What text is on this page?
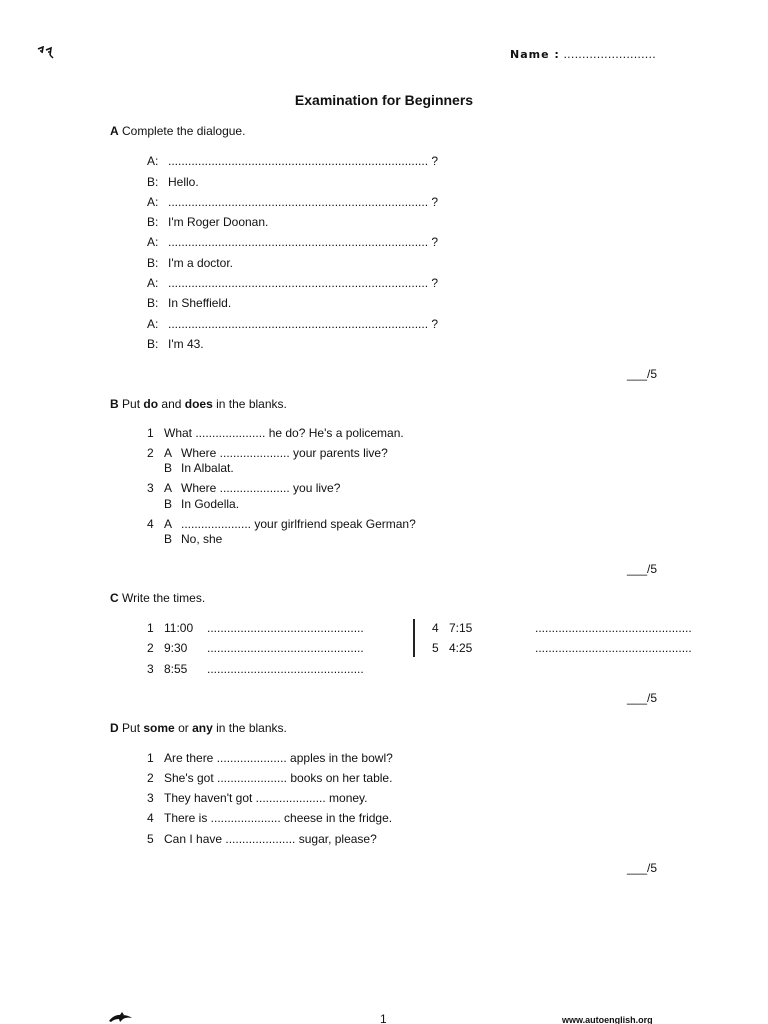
Name : .........................
Examination for Beginners
A Complete the dialogue.
A: .............................................................................. ?
B: Hello.
A: .............................................................................. ?
B: I'm Roger Doonan.
A: .............................................................................. ?
B: I'm a doctor.
A: .............................................................................. ?
B: In Sheffield.
A: .............................................................................. ?
B: I'm 43.
___/5
B Put do and does in the blanks.
1 What ..................... he do? He's a policeman.
2 A Where ..................... your parents live?
B In Albalat.
3 A Where ..................... you live?
B In Godella.
4 A ..................... your girlfriend speak German?
B No, she
___/5
C Write the times.
1 11:00 ...............................................
2 9:30 ...............................................
3 8:55 ...............................................
4 7:15	...............................................
5 4:25	...............................................
___/5
D Put some or any in the blanks.
1 Are there ..................... apples in the bowl?
2 She's got ..................... books on her table.
3 They haven't got ..................... money.
4 There is ..................... cheese in the fridge.
5 Can I have ..................... sugar, please?
___/5
1	www.autoenglish.org
